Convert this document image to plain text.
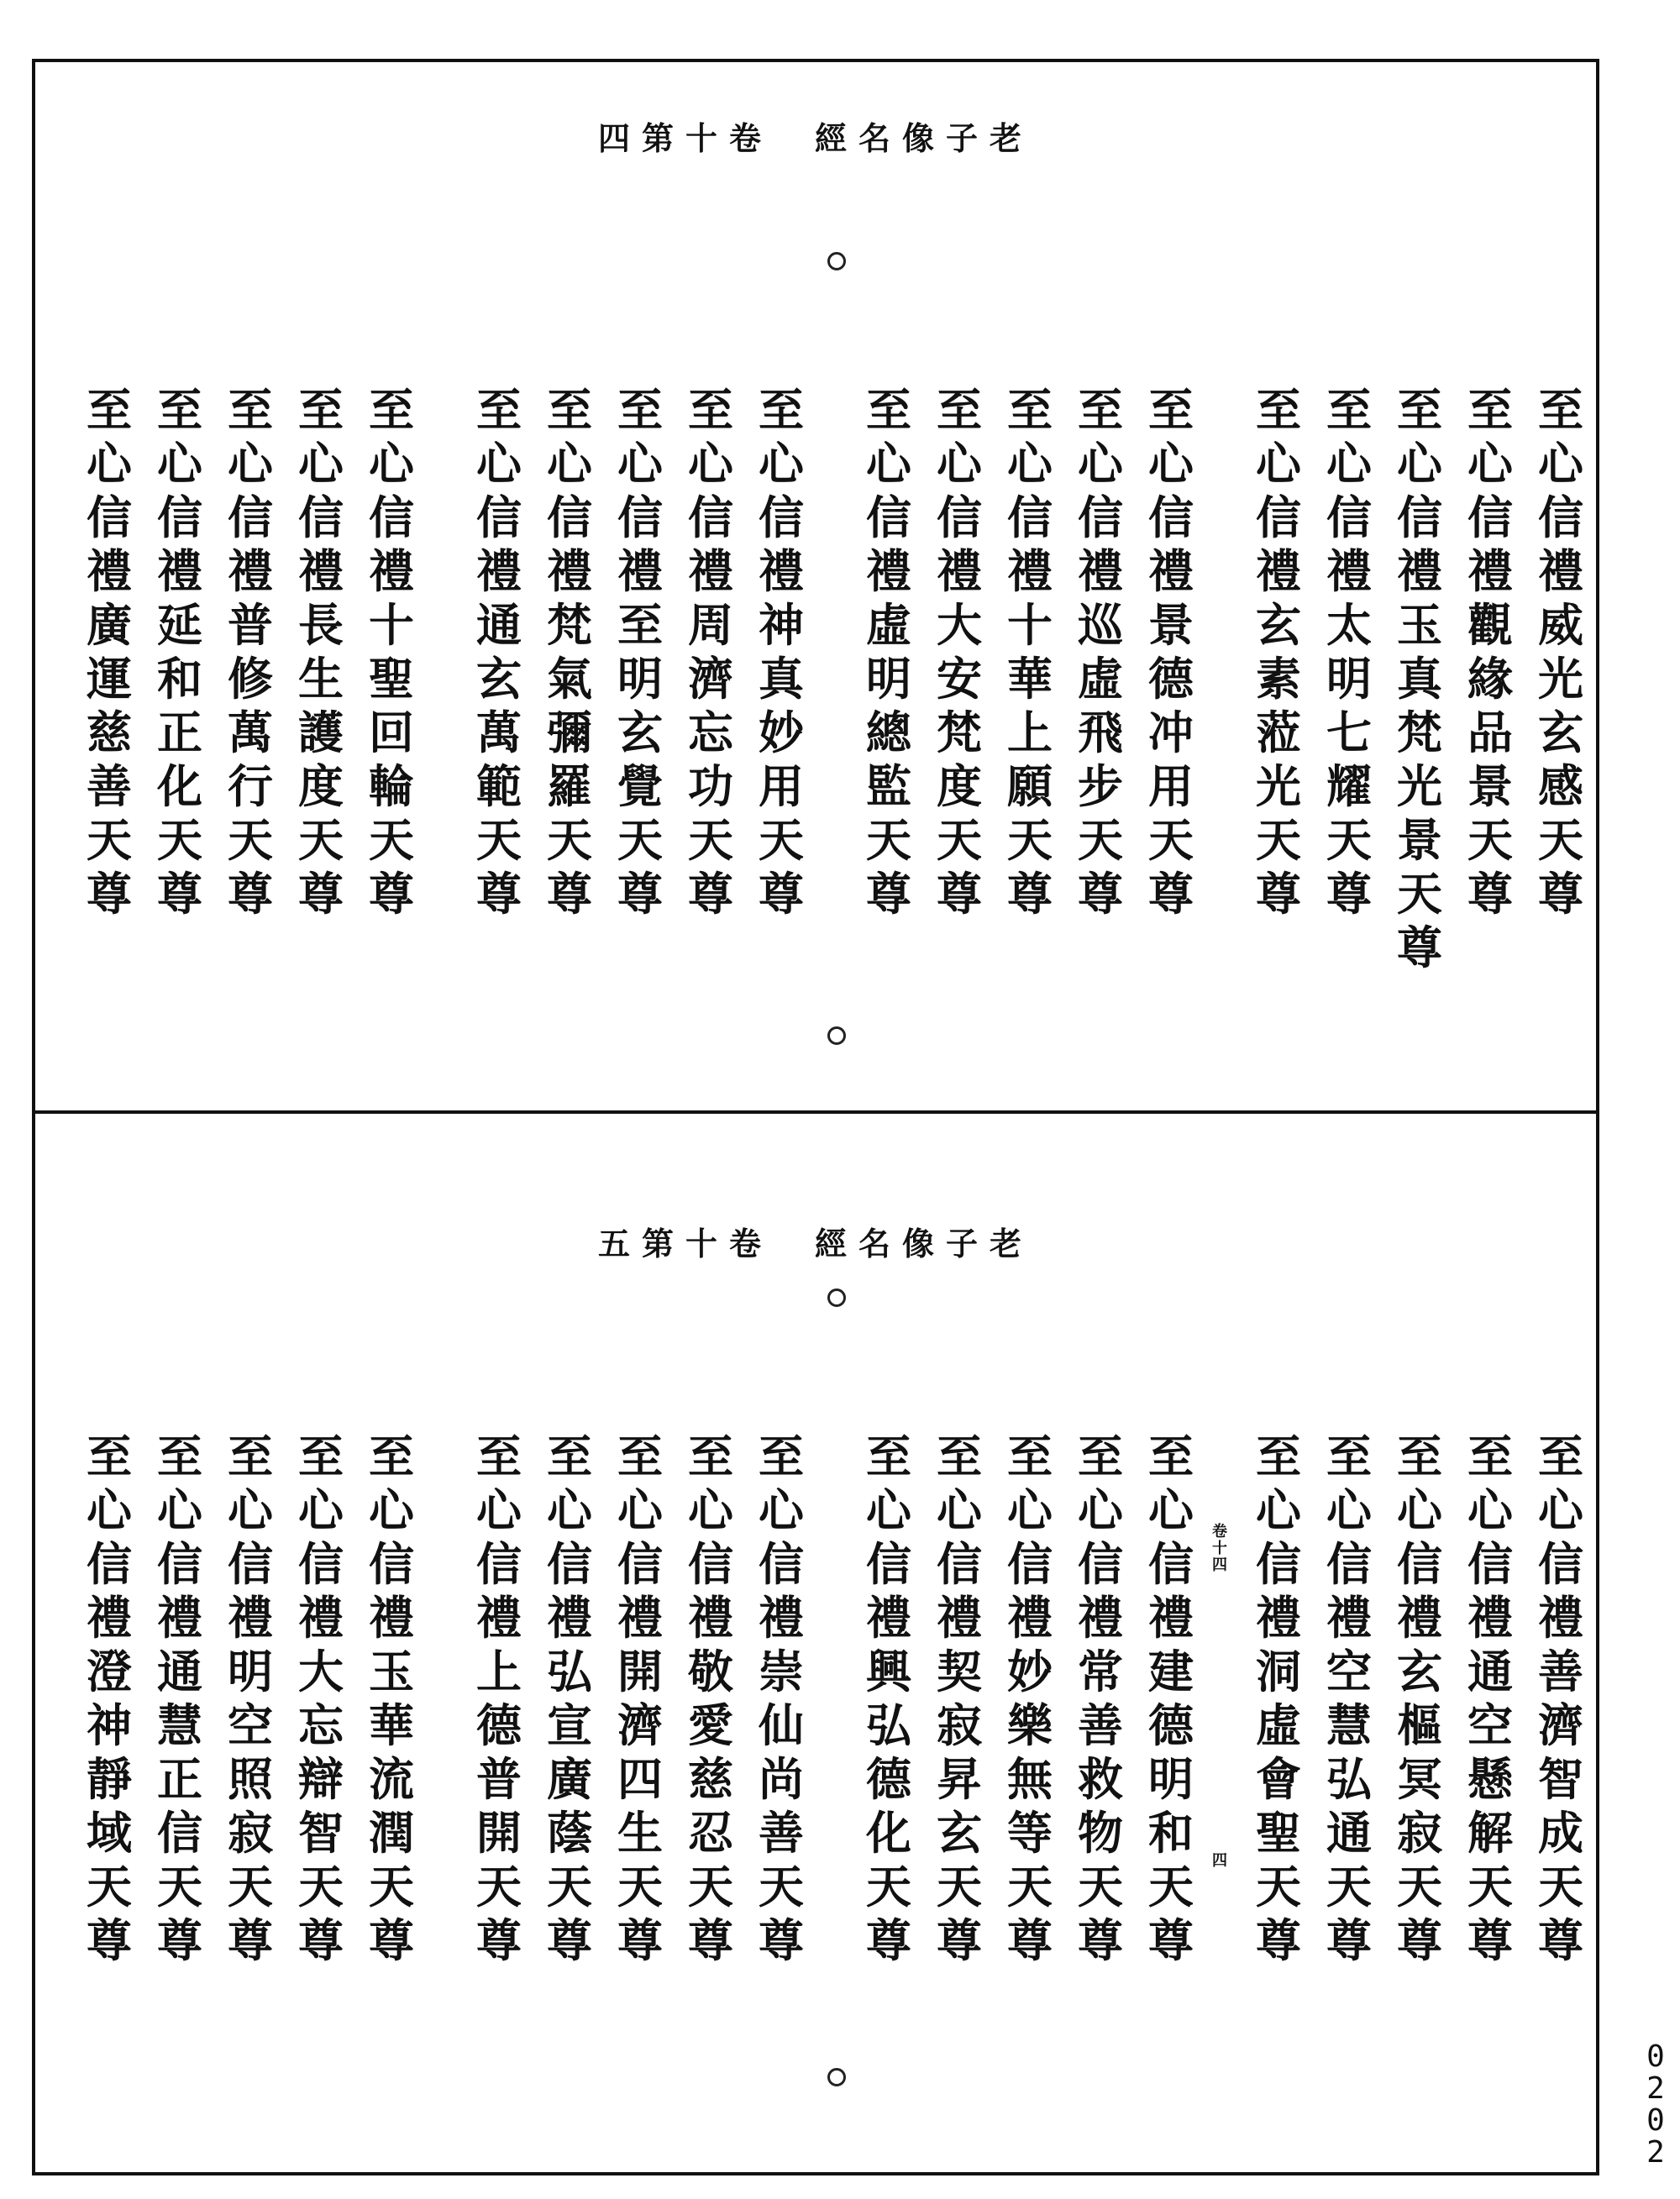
四第十卷 經名像子老
至
心
信
禮
威
光
玄
感
天
尊
至
心
信
禮
觀
緣
品
景
天
尊
至
心
信
禮
玉
真
梵
光
景
天
尊
至
心
信
禮
太
明
七
耀
天
尊
至
心
信
禮
玄
素
蒞
光
天
尊
至
心
信
禮
景
德
冲
用
天
尊
至
心
信
禮
巡
虛
飛
步
天
尊
至
心
信
禮
十
華
上
願
天
尊
至
心
信
禮
大
安
梵
度
天
尊
至
心
信
禮
虛
明
總
監
天
尊
至
心
信
禮
神
真
妙
用
天
尊
至
心
信
禮
周
濟
忘
功
天
尊
至
心
信
禮
至
明
玄
覺
天
尊
至
心
信
禮
梵
氣
彌
羅
天
尊
至
心
信
禮
通
玄
萬
範
天
尊
至
心
信
禮
十
聖
回
輪
天
尊
至
心
信
禮
長
生
護
度
天
尊
至
心
信
禮
普
修
萬
行
天
尊
至
心
信
禮
延
和
正
化
天
尊
至
心
信
禮
廣
運
慈
善
天
尊
五第十卷 經名像子老
至
心
信
禮
善
濟
智
成
天
尊
至
心
信
禮
通
空
懸
解
天
尊
至
心
信
禮
玄
樞
冥
寂
天
尊
至
心
信
禮
空
慧
弘
通
天
尊
至
心
信
禮
洞
虛
會
聖
天
尊
至
心
信
禮
建
德
明
和
天
尊
至
心
信
禮
常
善
救
物
天
尊
至
心
信
禮
妙
樂
無
等
天
尊
至
心
信
禮
契
寂
昇
玄
天
尊
至
心
信
禮
興
弘
德
化
天
尊
至
心
信
禮
崇
仙
尚
善
天
尊
至
心
信
禮
敬
愛
慈
忍
天
尊
至
心
信
禮
開
濟
四
生
天
尊
至
心
信
禮
弘
宣
廣
蔭
天
尊
至
心
信
禮
上
德
普
開
天
尊
至
心
信
禮
玉
華
流
潤
天
尊
至
心
信
禮
大
忘
辯
智
天
尊
至
心
信
禮
明
空
照
寂
天
尊
至
心
信
禮
通
慧
正
信
天
尊
至
心
信
禮
澄
神
靜
域
天
尊
卷十四
四
0
2
0
2
